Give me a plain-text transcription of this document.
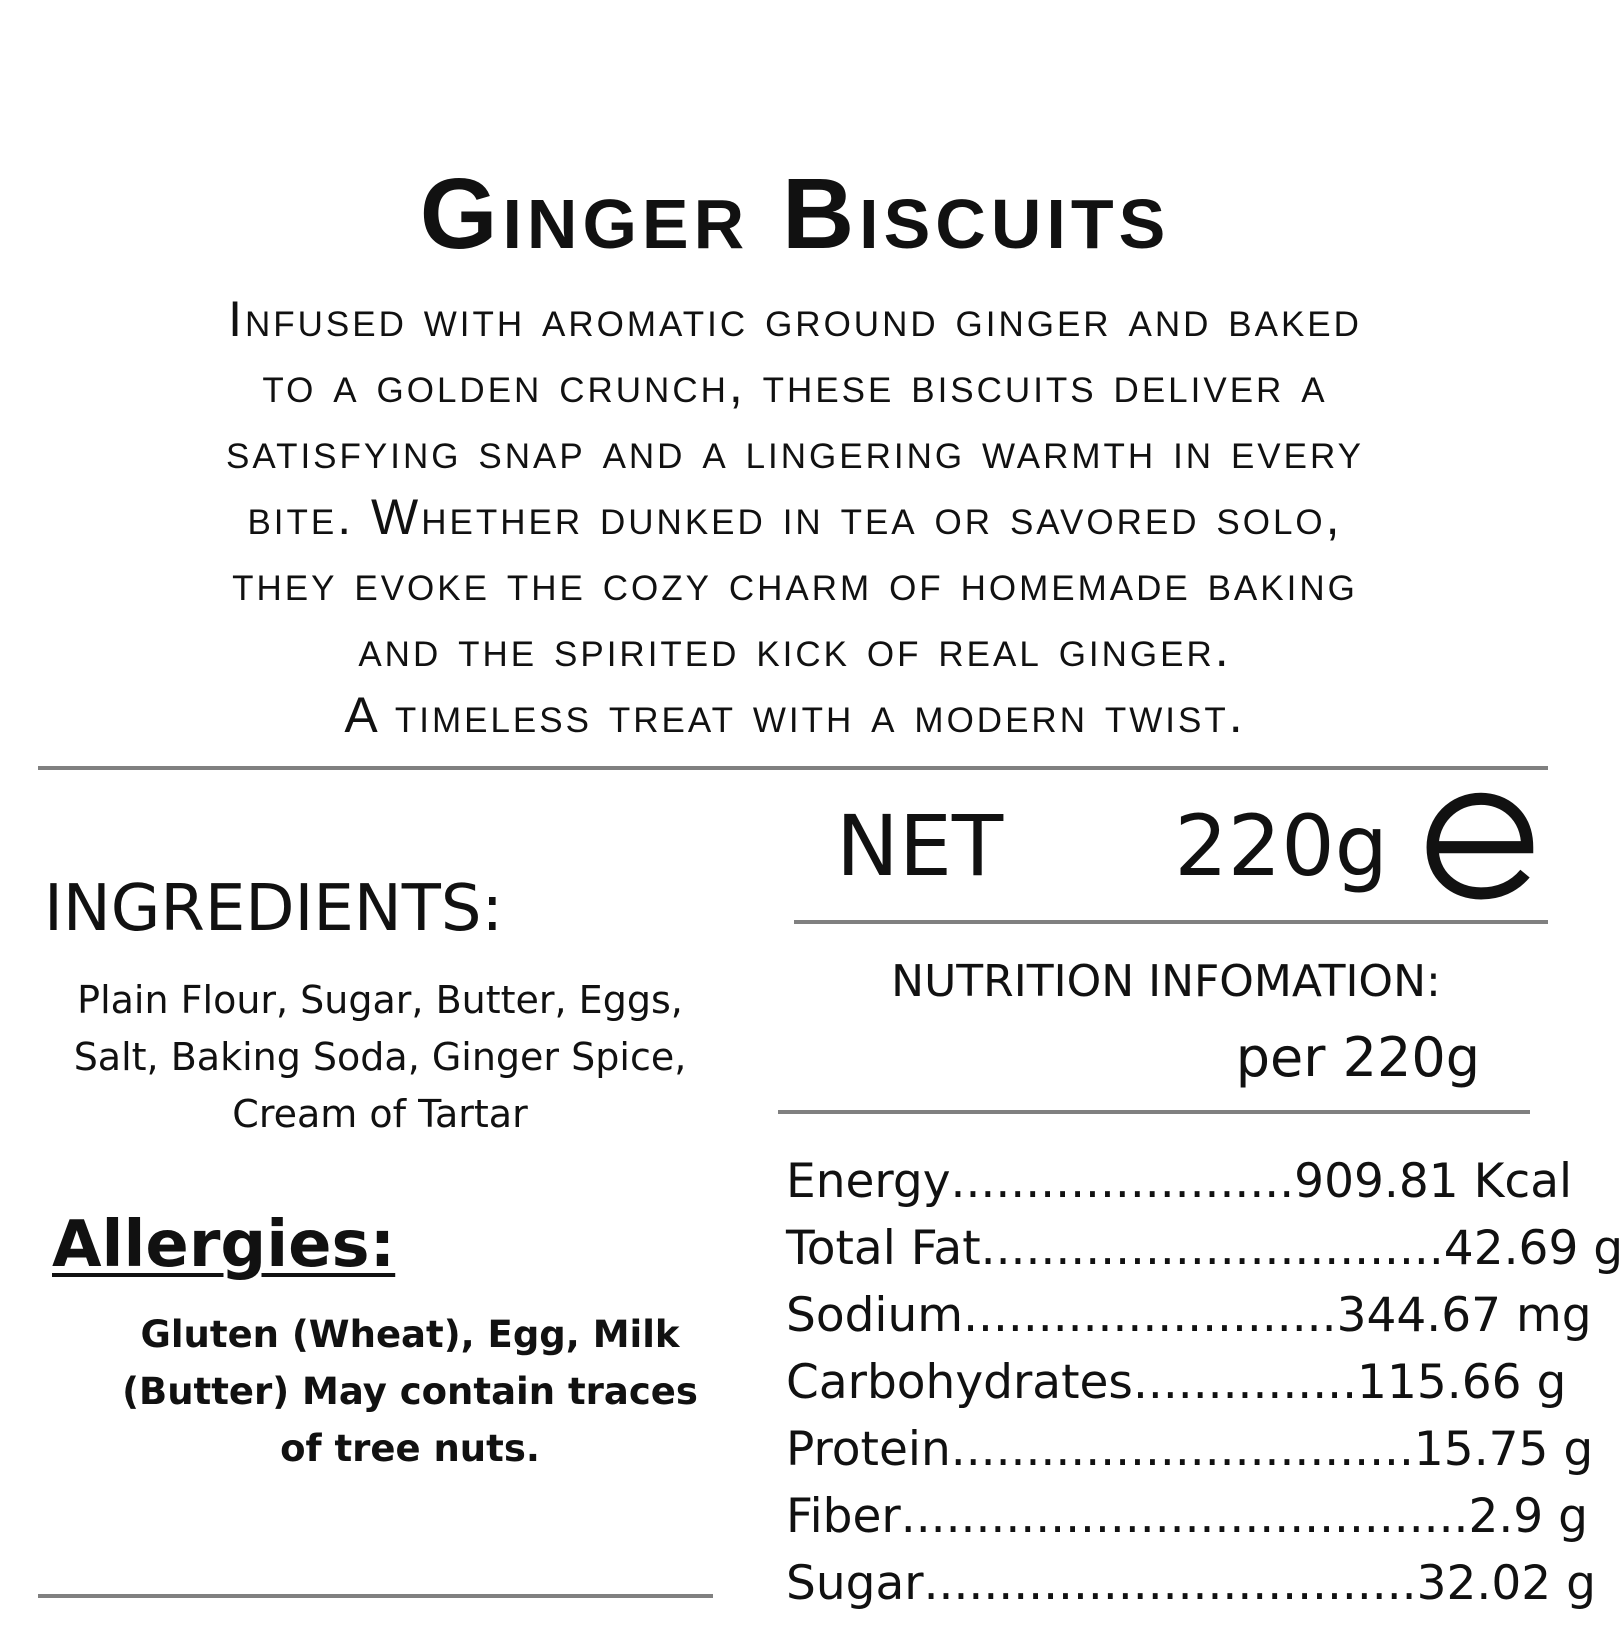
Ginger Biscuits
Infused with aromatic ground ginger and baked
to a golden crunch, these biscuits deliver a
satisfying snap and a lingering warmth in every
bite. Whether dunked in tea or savored solo,
they evoke the cozy charm of homemade baking
and the spirited kick of real ginger.
A timeless treat with a modern twist.
INGREDIENTS:
Plain Flour, Sugar, Butter, Eggs, Salt, Baking Soda, Ginger Spice, Cream of Tartar
Allergies:
Gluten (Wheat), Egg, Milk (Butter) May contain traces of tree nuts.
NET 220g
NUTRITION INFOMATION:
per 220g
Energy.......................909.81 Kcal
Total Fat...............................42.69 g
Sodium.........................344.67 mg
Carbohydrates...............115.66 g
Protein...............................15.75 g
Fiber......................................2.9 g
Sugar.................................32.02 g
